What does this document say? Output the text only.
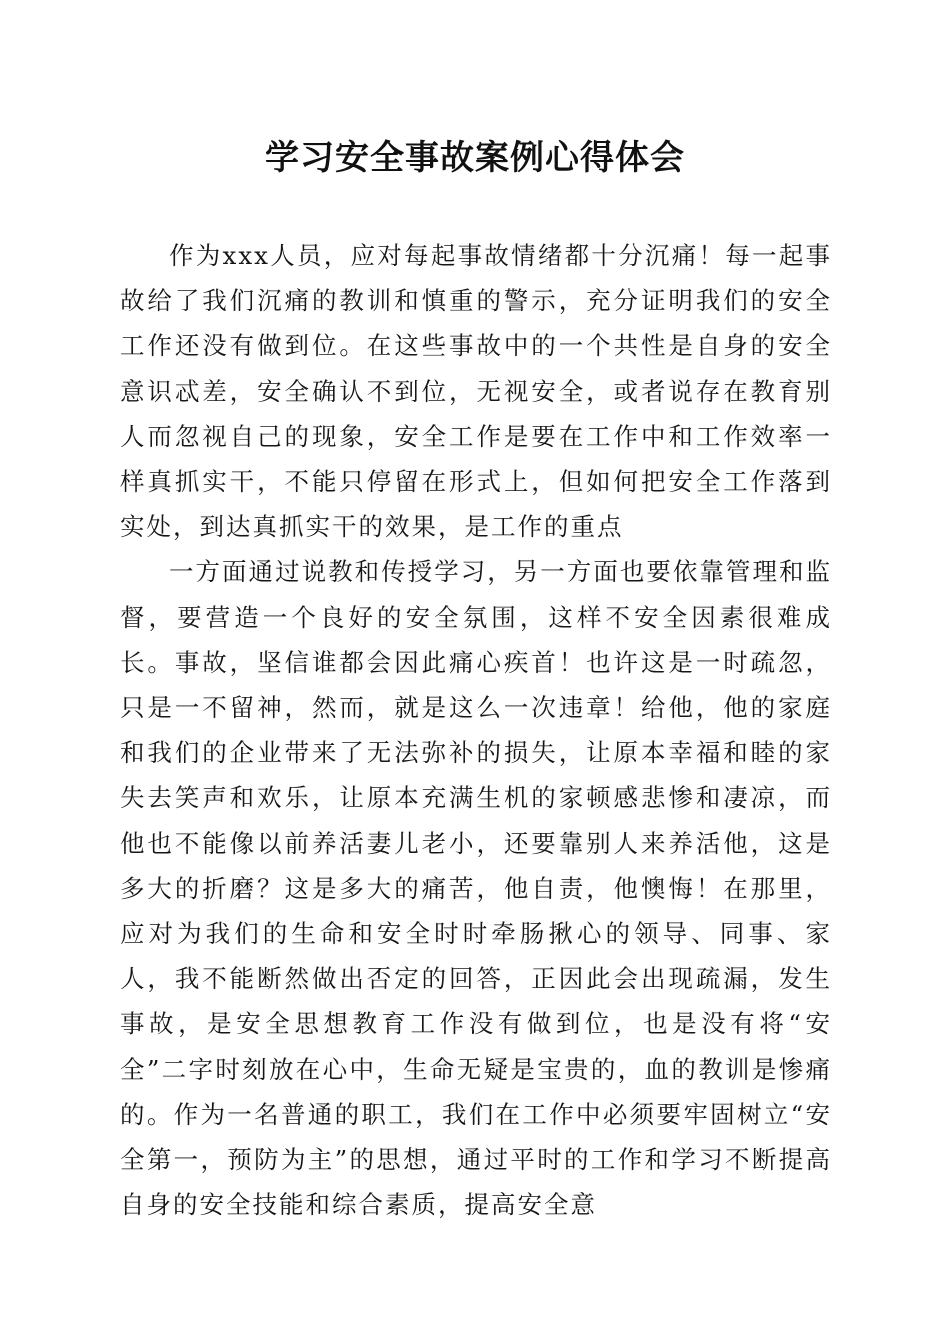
学习安全事故案例心得体会

作为xxx人员，应对每起事故情绪都十分沉痛！每一起事故给了我们沉痛的教训和慎重的警示，充分证明我们的安全工作还没有做到位。在这些事故中的一个共性是自身的安全意识忒差，安全确认不到位，无视安全，或者说存在教育别人而忽视自己的现象，安全工作是要在工作中和工作效率一样真抓实干，不能只停留在形式上，但如何把安全工作落到实处，到达真抓实干的效果，是工作的重点

一方面通过说教和传授学习，另一方面也要依靠管理和监督，要营造一个良好的安全氛围，这样不安全因素很难成长。事故，坚信谁都会因此痛心疾首！也许这是一时疏忽，只是一不留神，然而，就是这么一次违章！给他，他的家庭和我们的企业带来了无法弥补的损失，让原本幸福和睦的家失去笑声和欢乐，让原本充满生机的家顿感悲惨和凄凉，而他也不能像以前养活妻儿老小，还要靠别人来养活他，这是多大的折磨？这是多大的痛苦，他自责，他懊悔！在那里，应对为我们的生命和安全时时牵肠揪心的领导、同事、家人，我不能断然做出否定的回答，正因此会出现疏漏，发生事故，是安全思想教育工作没有做到位，也是没有将“安全”二字时刻放在心中，生命无疑是宝贵的，血的教训是惨痛的。作为一名普通的职工，我们在工作中必须要牢固树立“安全第一，预防为主”的思想，通过平时的工作和学习不断提高自身的安全技能和综合素质，提高安全意
